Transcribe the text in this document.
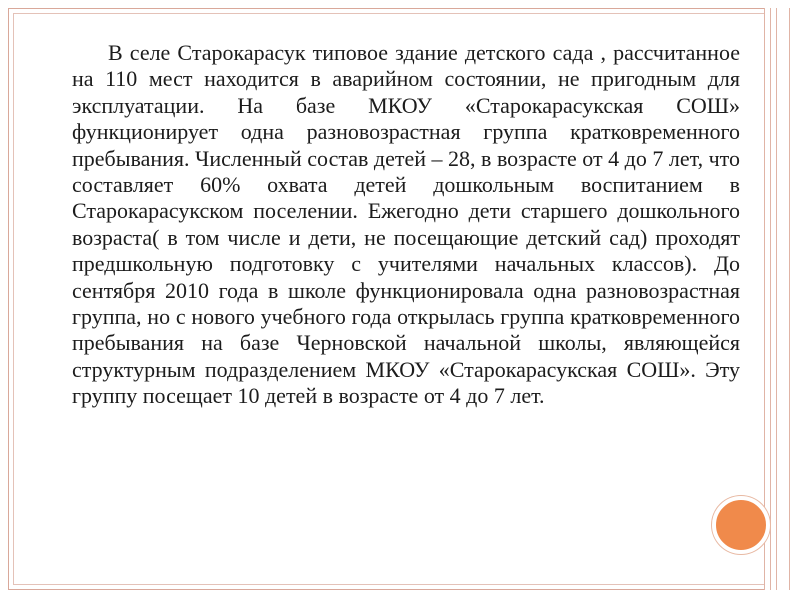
В селе Старокарасук типовое здание детского сада , рассчитанное на 110 мест находится в аварийном состоянии, не пригодным для эксплуатации. На базе МКОУ «Старокарасукская СОШ» функционирует одна разновозрастная группа кратковременного пребывания. Численный состав детей – 28, в возрасте от 4 до 7 лет, что составляет 60% охвата детей дошкольным воспитанием в Старокарасукском поселении. Ежегодно дети старшего дошкольного возраста( в том числе и дети, не посещающие детский сад) проходят предшкольную подготовку с учителями начальных классов). До сентября 2010 года в школе функционировала одна разновозрастная группа, но с нового учебного года открылась группа кратковременного пребывания на базе Черновской начальной школы, являющейся структурным подразделением МКОУ «Старокарасукская СОШ». Эту группу посещает 10 детей в возрасте от 4 до 7 лет.
